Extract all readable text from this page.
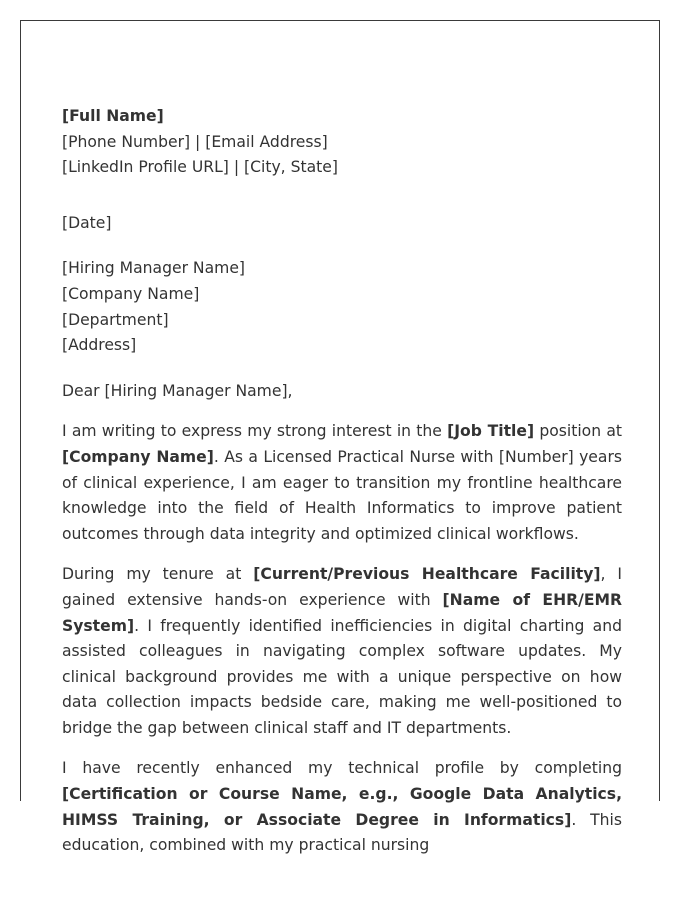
[Full Name]
[Phone Number] | [Email Address]
[LinkedIn Profile URL] | [City, State]
[Date]
[Hiring Manager Name]
[Company Name]
[Department]
[Address]
Dear [Hiring Manager Name],

I am writing to express my strong interest in the [Job Title] position at [Company Name]. As a Licensed Practical Nurse with [Number] years of clinical experience, I am eager to transition my frontline healthcare knowledge into the field of Health Informatics to improve patient outcomes through data integrity and optimized clinical workflows.

During my tenure at [Current/Previous Healthcare Facility], I gained extensive hands-on experience with [Name of EHR/EMR System]. I frequently identified inefficiencies in digital charting and assisted colleagues in navigating complex software updates. My clinical background provides me with a unique perspective on how data collection impacts bedside care, making me well-positioned to bridge the gap between clinical staff and IT departments.

I have recently enhanced my technical profile by completing [Certification or Course Name, e.g., Google Data Analytics, HIMSS Training, or Associate Degree in Informatics]. This education, combined with my practical nursing
